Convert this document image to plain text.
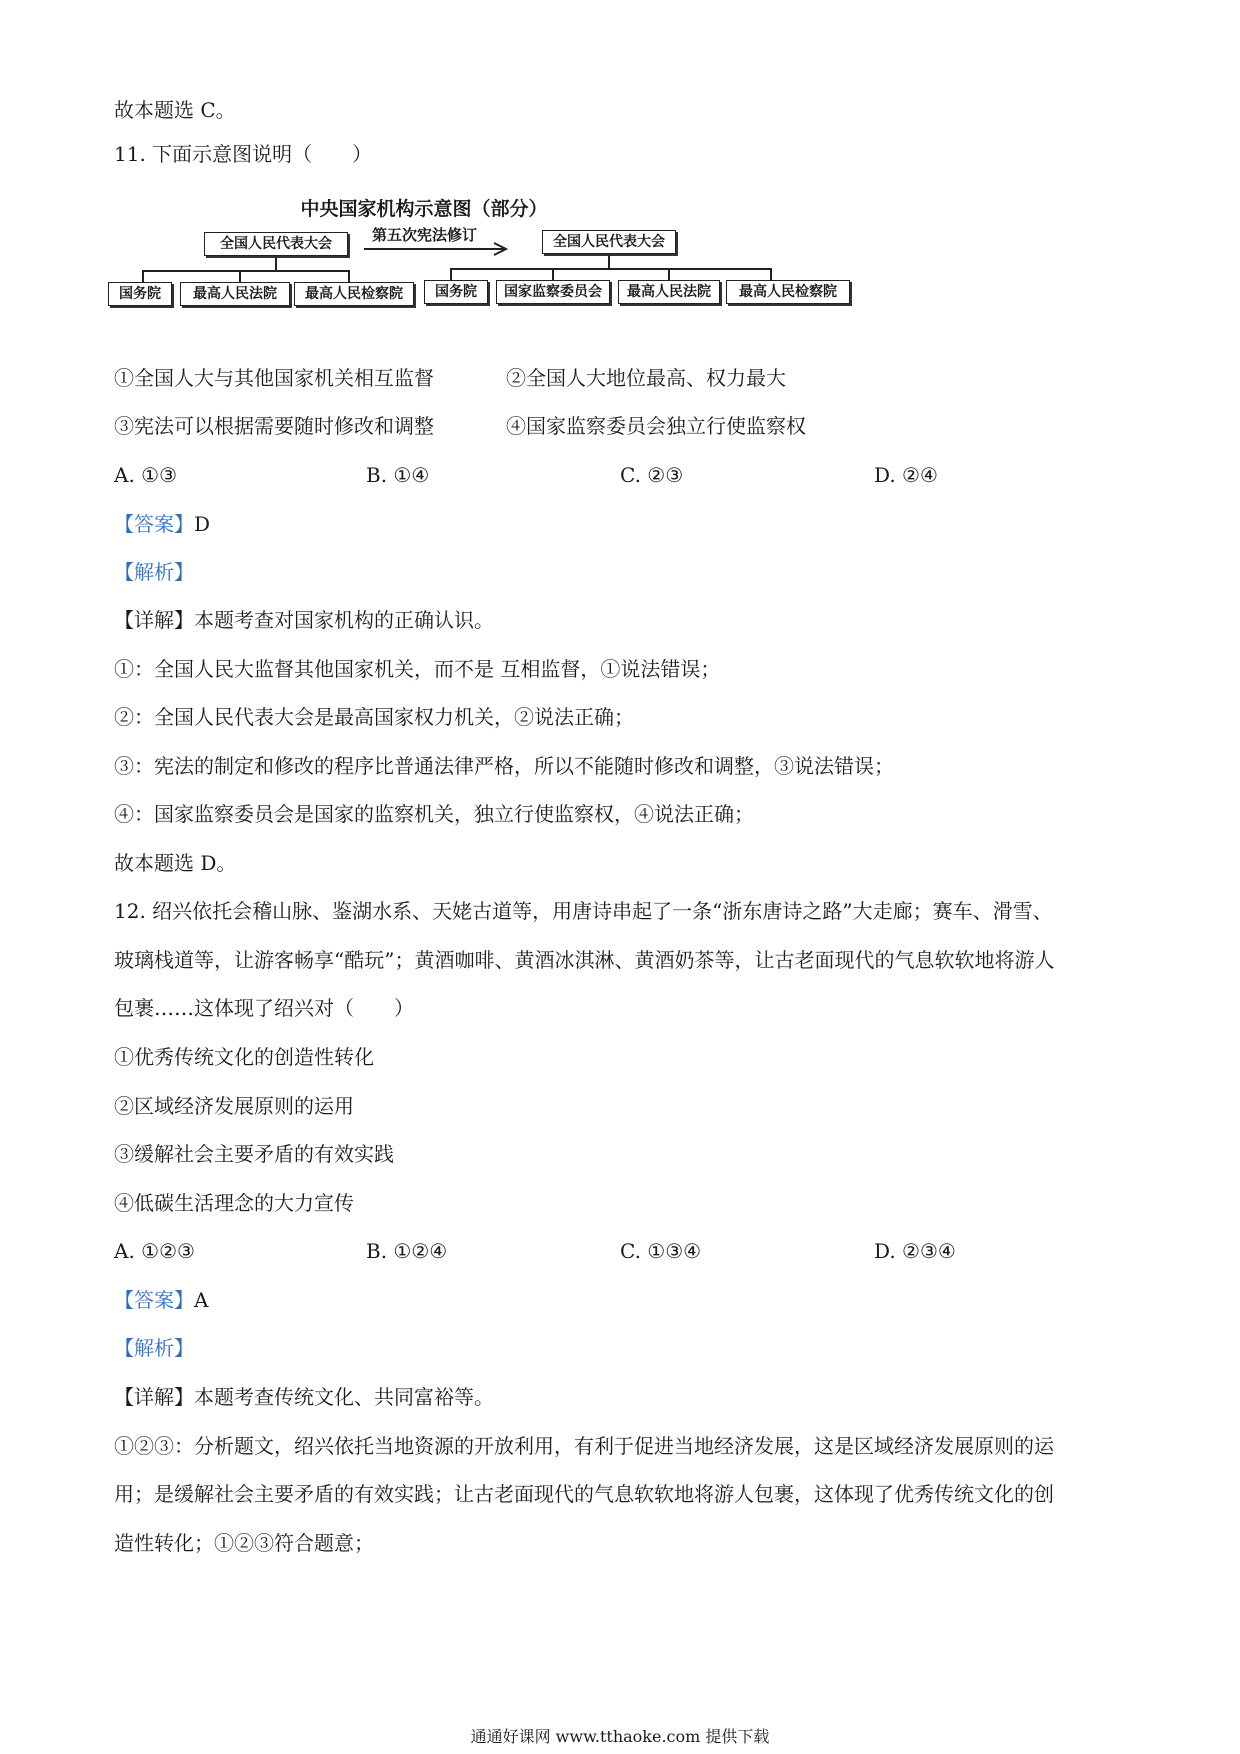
故本题选 C。
11. 下面示意图说明（　　）
中央国家机构示意图（部分）
全国人民代表大会
国务院	最高人民法院	最高人民检察院
第五次宪法修订	全国人民代表大会
国务院	国家监察委员会	最高人民法院	最高人民检察院
①全国人大与其他国家机关相互监督	②全国人大地位最高、权力最大
③宪法可以根据需要随时修改和调整	④国家监察委员会独立行使监察权
A. ①③	B. ①④	C. ②③	D. ②④
【答案】D
【解析】
【详解】本题考查对国家机构的正确认识。
①：全国人民大监督其他国家机关，而不是 互相监督，①说法错误；
②：全国人民代表大会是最高国家权力机关，②说法正确；
③：宪法的制定和修改的程序比普通法律严格，所以不能随时修改和调整，③说法错误；
④：国家监察委员会是国家的监察机关，独立行使监察权，④说法正确；
故本题选 D。
12. 绍兴依托会稽山脉、鉴湖水系、天姥古道等，用唐诗串起了一条“浙东唐诗之路”大走廊；赛车、滑雪、
玻璃栈道等，让游客畅享“酷玩”；黄酒咖啡、黄酒冰淇淋、黄酒奶茶等，让古老面现代的气息软软地将游人
包裹……这体现了绍兴对（　　）
①优秀传统文化的创造性转化
②区域经济发展原则的运用
③缓解社会主要矛盾的有效实践
④低碳生活理念的大力宣传
A. ①②③	B. ①②④	C. ①③④	D. ②③④
【答案】A
【解析】
【详解】本题考查传统文化、共同富裕等。
①②③：分析题文，绍兴依托当地资源的开放利用，有利于促进当地经济发展，这是区域经济发展原则的运
用；是缓解社会主要矛盾的有效实践；让古老面现代的气息软软地将游人包裹，这体现了优秀传统文化的创
造性转化；①②③符合题意；
通通好课网 www.tthaoke.com 提供下载
